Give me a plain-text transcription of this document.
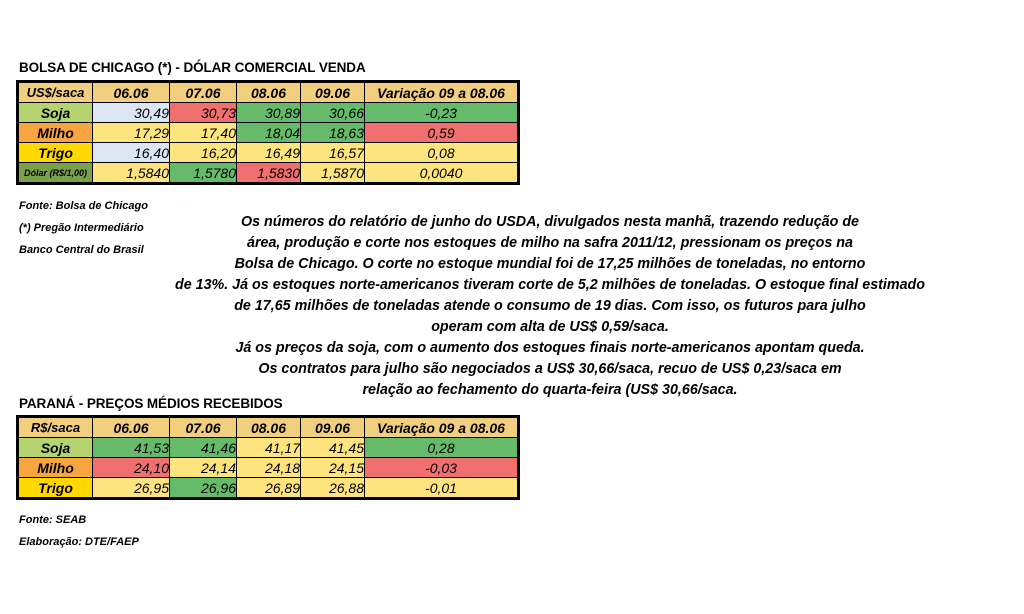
BOLSA DE CHICAGO (*) - DÓLAR COMERCIAL VENDA
US$/saca	06.06	07.06	08.06	09.06	Variação 09 a 08.06
Soja	30,49	30,73	30,89	30,66	-0,23
Milho	17,29	17,40	18,04	18,63	0,59
Trigo	16,40	16,20	16,49	16,57	0,08
Dólar (R$/1,00)	1,5840	1,5780	1,5830	1,5870	0,0040
Fonte: Bolsa de Chicago
(*) Pregão Intermediário
Banco Central do Brasil
Os números do relatório de junho do USDA, divulgados nesta manhã, trazendo redução de
área, produção e corte nos estoques de milho na safra 2011/12, pressionam os preços na
Bolsa de Chicago. O corte no estoque mundial foi de 17,25 milhões de toneladas, no entorno
de 13%. Já os estoques norte-americanos tiveram corte de 5,2 milhões de toneladas. O estoque final estimado
de 17,65 milhões de toneladas atende o consumo de 19 dias. Com isso, os futuros para julho
operam com alta de US$ 0,59/saca.
Já os preços da soja, com o aumento dos estoques finais norte-americanos apontam queda.
Os contratos para julho são negociados a US$ 30,66/saca, recuo de US$ 0,23/saca em
relação ao fechamento do quarta-feira (US$ 30,66/saca.
PARANÁ - PREÇOS MÉDIOS RECEBIDOS
R$/saca	06.06	07.06	08.06	09.06	Variação 09 a 08.06
Soja	41,53	41,46	41,17	41,45	0,28
Milho	24,10	24,14	24,18	24,15	-0,03
Trigo	26,95	26,96	26,89	26,88	-0,01
Fonte: SEAB
Elaboração: DTE/FAEP
